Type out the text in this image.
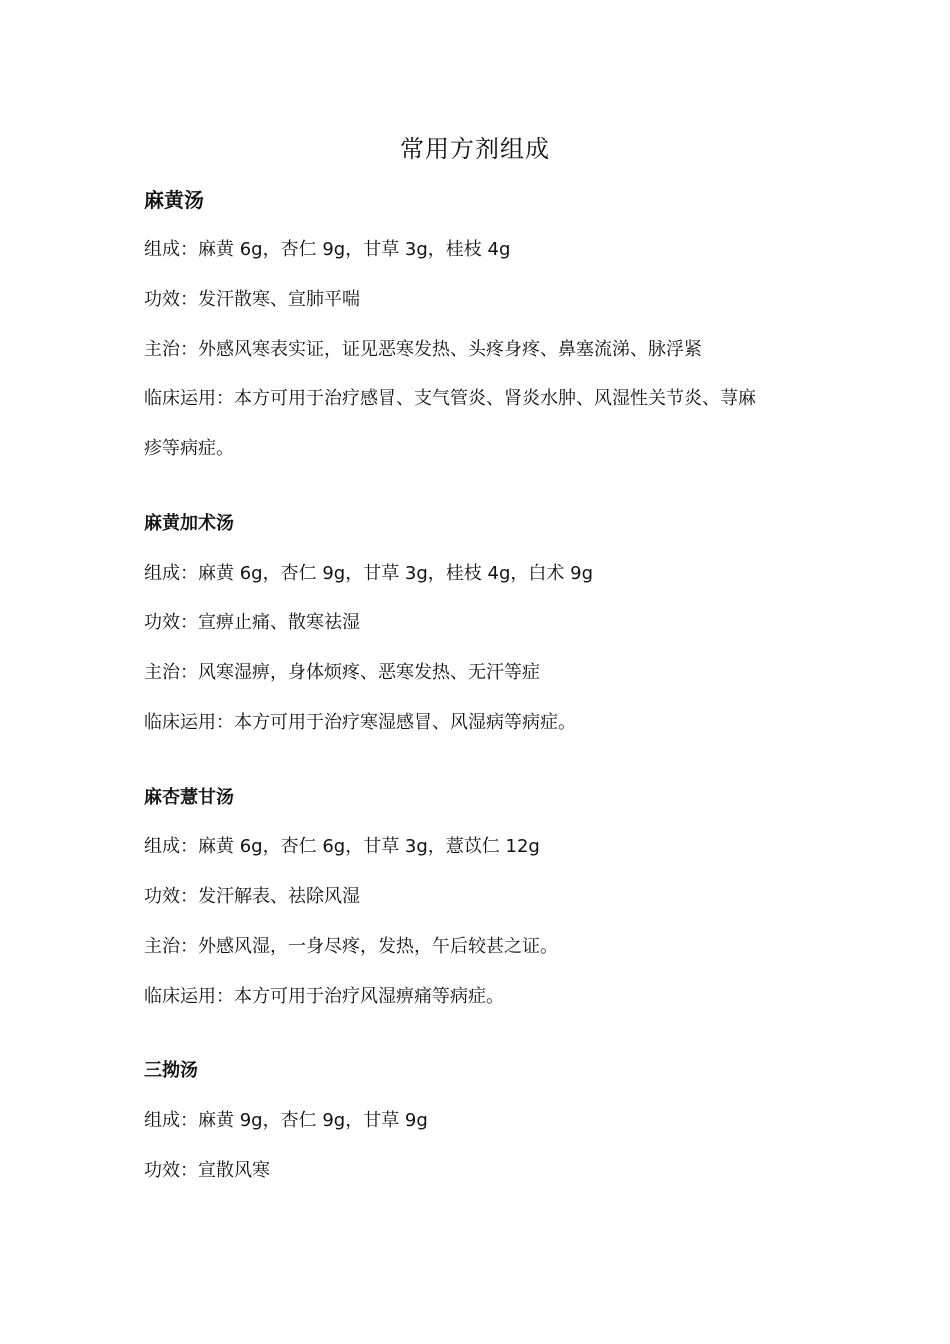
常用方剂组成
麻黄汤
组成：麻黄 6g，杏仁 9g，甘草 3g，桂枝 4g
功效：发汗散寒、宣肺平喘
主治：外感风寒表实证，证见恶寒发热、头疼身疼、鼻塞流涕、脉浮紧
临床运用：本方可用于治疗感冒、支气管炎、肾炎水肿、风湿性关节炎、荨麻
疹等病症。
麻黄加术汤
组成：麻黄 6g，杏仁 9g，甘草 3g，桂枝 4g，白术 9g
功效：宣痹止痛、散寒祛湿
主治：风寒湿痹，身体烦疼、恶寒发热、无汗等症
临床运用：本方可用于治疗寒湿感冒、风湿病等病症。
麻杏薏甘汤
组成：麻黄 6g，杏仁 6g，甘草 3g，薏苡仁 12g
功效：发汗解表、祛除风湿
主治：外感风湿，一身尽疼，发热，午后较甚之证。
临床运用：本方可用于治疗风湿痹痛等病症。
三拗汤
组成：麻黄 9g，杏仁 9g，甘草 9g
功效：宣散风寒
